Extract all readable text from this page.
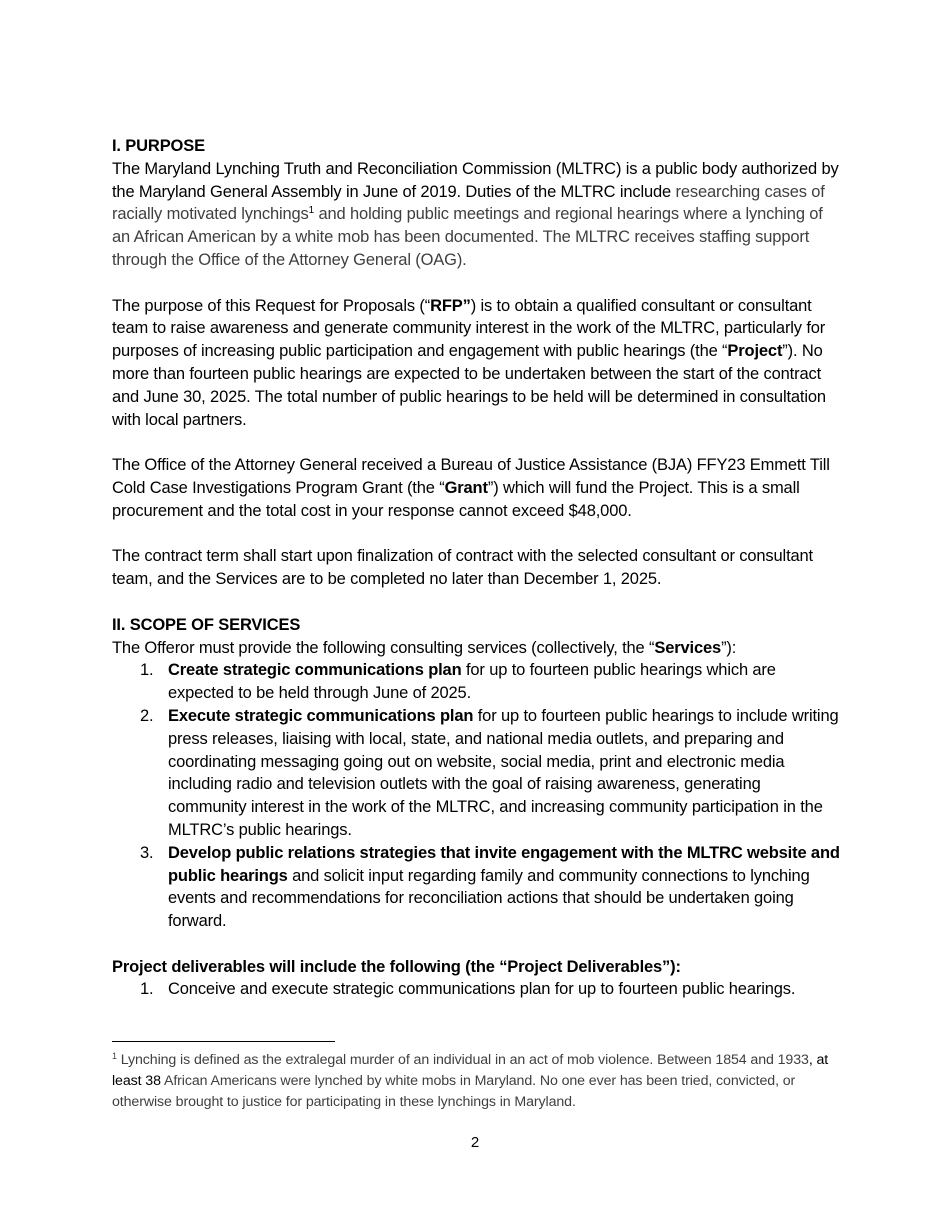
I. PURPOSE

The Maryland Lynching Truth and Reconciliation Commission (MLTRC) is a public body authorized by the Maryland General Assembly in June of 2019. Duties of the MLTRC include researching cases of racially motivated lynchings$^1$ and holding public meetings and regional hearings where a lynching of an African American by a white mob has been documented. The MLTRC receives staffing support through the Office of the Attorney General (OAG).

The purpose of this Request for Proposals (“RFP”) is to obtain a qualified consultant or consultant team to raise awareness and generate community interest in the work of the MLTRC, particularly for purposes of increasing public participation and engagement with public hearings (the “Project”). No more than fourteen public hearings are expected to be undertaken between the start of the contract and June 30, 2025. The total number of public hearings to be held will be determined in consultation with local partners.

The Office of the Attorney General received a Bureau of Justice Assistance (BJA) FFY23 Emmett Till Cold Case Investigations Program Grant (the “Grant”) which will fund the Project. This is a small procurement and the total cost in your response cannot exceed $48,000.

The contract term shall start upon finalization of contract with the selected consultant or consultant team, and the Services are to be completed no later than December 1, 2025.

II. SCOPE OF SERVICES

The Offeror must provide the following consulting services (collectively, the “Services”):

1. Create strategic communications plan for up to fourteen public hearings which are expected to be held through June of 2025.
2. Execute strategic communications plan for up to fourteen public hearings to include writing press releases, liaising with local, state, and national media outlets, and preparing and coordinating messaging going out on website, social media, print and electronic media including radio and television outlets with the goal of raising awareness, generating community interest in the work of the MLTRC, and increasing community participation in the MLTRC’s public hearings.
3. Develop public relations strategies that invite engagement with the MLTRC website and public hearings and solicit input regarding family and community connections to lynching events and recommendations for reconciliation actions that should be undertaken going forward.
Project deliverables will include the following (the “Project Deliverables”):
1. Conceive and execute strategic communications plan for up to fourteen public hearings.
$^1$ Lynching is defined as the extralegal murder of an individual in an act of mob violence. Between 1854 and 1933, at least 38 African Americans were lynched by white mobs in Maryland. No one ever has been tried, convicted, or otherwise brought to justice for participating in these lynchings in Maryland.
2
